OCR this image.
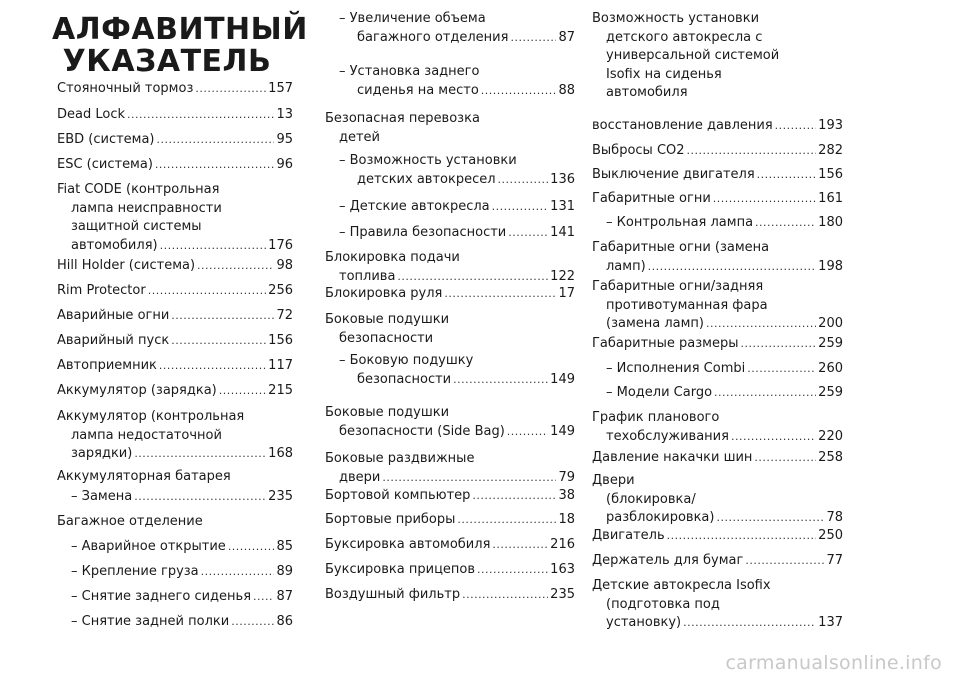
АЛФАВИТНЫЙ
УКАЗАТЕЛЬ
Стояночный тормоз .....	157
Dead Lock .....	13
EBD (система) .....	95
ESC (система) .....	96
Fiat CODE (контрольная
лампа неисправности
защитной системы
автомобиля) .....	176
Hill Holder (система) .....	98
Rim Protector .....	256
Аварийные огни .....	72
Аварийный пуск .....	156
Автоприемник .....	117
Аккумулятор (зарядка) .....	215
Аккумулятор (контрольная
лампа недостаточной
зарядки) .....	168
Аккумуляторная батарея
– Замена .....	235
Багажное отделение
– Аварийное открытие .....	85
– Крепление груза .....	89
– Снятие заднего сиденья ..... 87
– Снятие задней полки .....	86
– Увеличение объема
багажного отделения .....	87
– Установка заднего
сиденья на место .....	88
Безопасная перевозка
детей
– Возможность установки
детских автокресел .....	136
– Детские автокресла .....	131
– Правила безопасности .....	141
Блокировка подачи
топлива .....	122
Блокировка руля .....	17
Боковые подушки
безопасности
– Боковую подушку
безопасности .....	149
Боковые подушки
безопасности (Side Bag) .....	149
Боковые раздвижные
двери .....	79
Бортовой компьютер .....	38
Бортовые приборы .....	18
Буксировка автомобиля .....	216
Буксировка прицепов .....	163
Воздушный фильтр .....	235
Возможность установки
детского автокресла с
универсальной системой
Isofix на сиденья
автомобиля
восстановление давления .....	193
Выбросы CO2 .....	282
Выключение двигателя .....	156
Габаритные огни .....	161
– Контрольная лампа .....	180
Габаритные огни (замена
ламп) .....	198
Габаритные огни/задняя
противотуманная фара
(замена ламп) .....	200
Габаритные размеры .....	259
– Исполнения Combi .....	260
– Модели Cargo .....	259
График планового
техобслуживания .....	220
Давление накачки шин .....	258
Двери
(блокировка/
разблокировка) .....	78
Двигатель .....	250
Держатель для бумаг .....	77
Детские автокресла Isofix
(подготовка под
установку) .....	137
carmanualsonline.info
